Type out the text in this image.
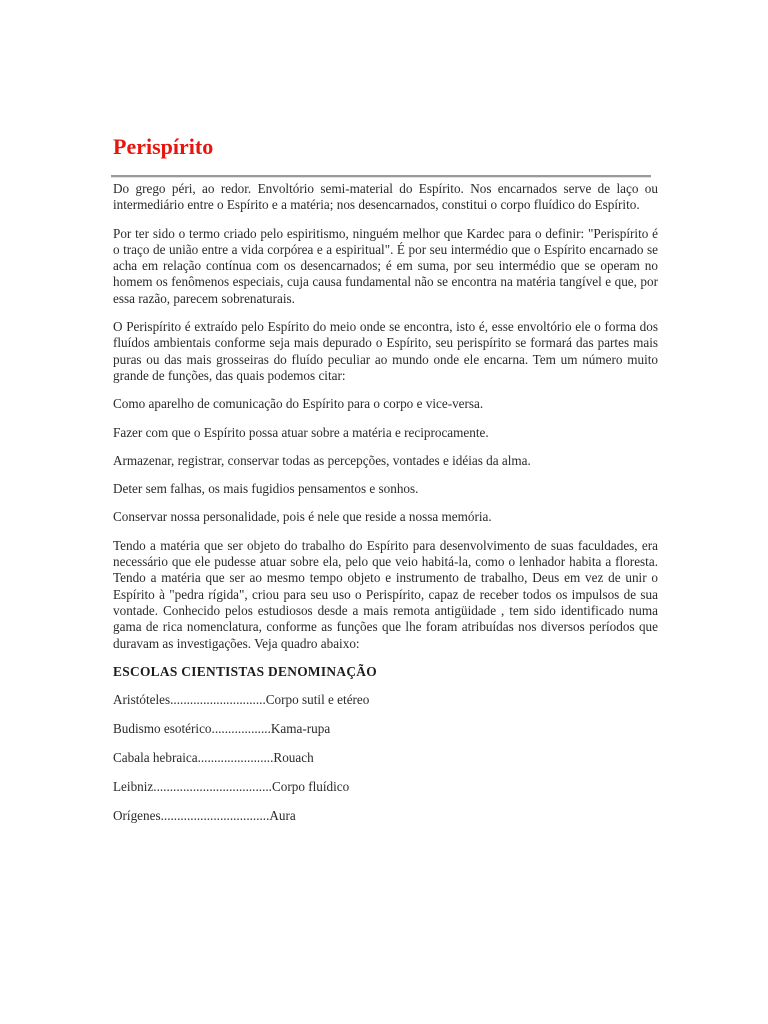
Perispírito

Do grego péri, ao redor. Envoltório semi-material do Espírito. Nos encarnados serve de laço ou intermediário entre o Espírito e a matéria; nos desencarnados, constitui o corpo fluídico do Espírito.

Por ter sido o termo criado pelo espiritismo, ninguém melhor que Kardec para o definir: "Perispírito é o traço de união entre a vida corpórea e a espiritual". É por seu intermédio que o Espírito encarnado se acha em relação contínua com os desencarnados; é em suma, por seu intermédio que se operam no homem os fenômenos especiais, cuja causa fundamental não se encontra na matéria tangível e que, por essa razão, parecem sobrenaturais.

O Perispírito é extraído pelo Espírito do meio onde se encontra, isto é, esse envoltório ele o forma dos fluídos ambientais conforme seja mais depurado o Espírito, seu perispírito se formará das partes mais puras ou das mais grosseiras do fluído peculiar ao mundo onde ele encarna. Tem um número muito grande de funções, das quais podemos citar:

Como aparelho de comunicação do Espírito para o corpo e vice-versa.

Fazer com que o Espírito possa atuar sobre a matéria e reciprocamente.

Armazenar, registrar, conservar todas as percepções, vontades e idéias da alma.

Deter sem falhas, os mais fugidios pensamentos e sonhos.

Conservar nossa personalidade, pois é nele que reside a nossa memória.

Tendo a matéria que ser objeto do trabalho do Espírito para desenvolvimento de suas faculdades, era necessário que ele pudesse atuar sobre ela, pelo que veio habitá-la, como o lenhador habita a floresta. Tendo a matéria que ser ao mesmo tempo objeto e instrumento de trabalho, Deus em vez de unir o Espírito à "pedra rígida", criou para seu uso o Perispírito, capaz de receber todos os impulsos de sua vontade. Conhecido pelos estudiosos desde a mais remota antigüidade , tem sido identificado numa gama de rica nomenclatura, conforme as funções que lhe foram atribuídas nos diversos períodos que duravam as investigações. Veja quadro abaixo:

ESCOLAS CIENTISTAS DENOMINAÇÃO
Aristóteles.............................Corpo sutil e etéreo
Budismo esotérico..................Kama-rupa
Cabala hebraica.......................Rouach
Leibniz....................................Corpo fluídico
Orígenes.................................Aura
